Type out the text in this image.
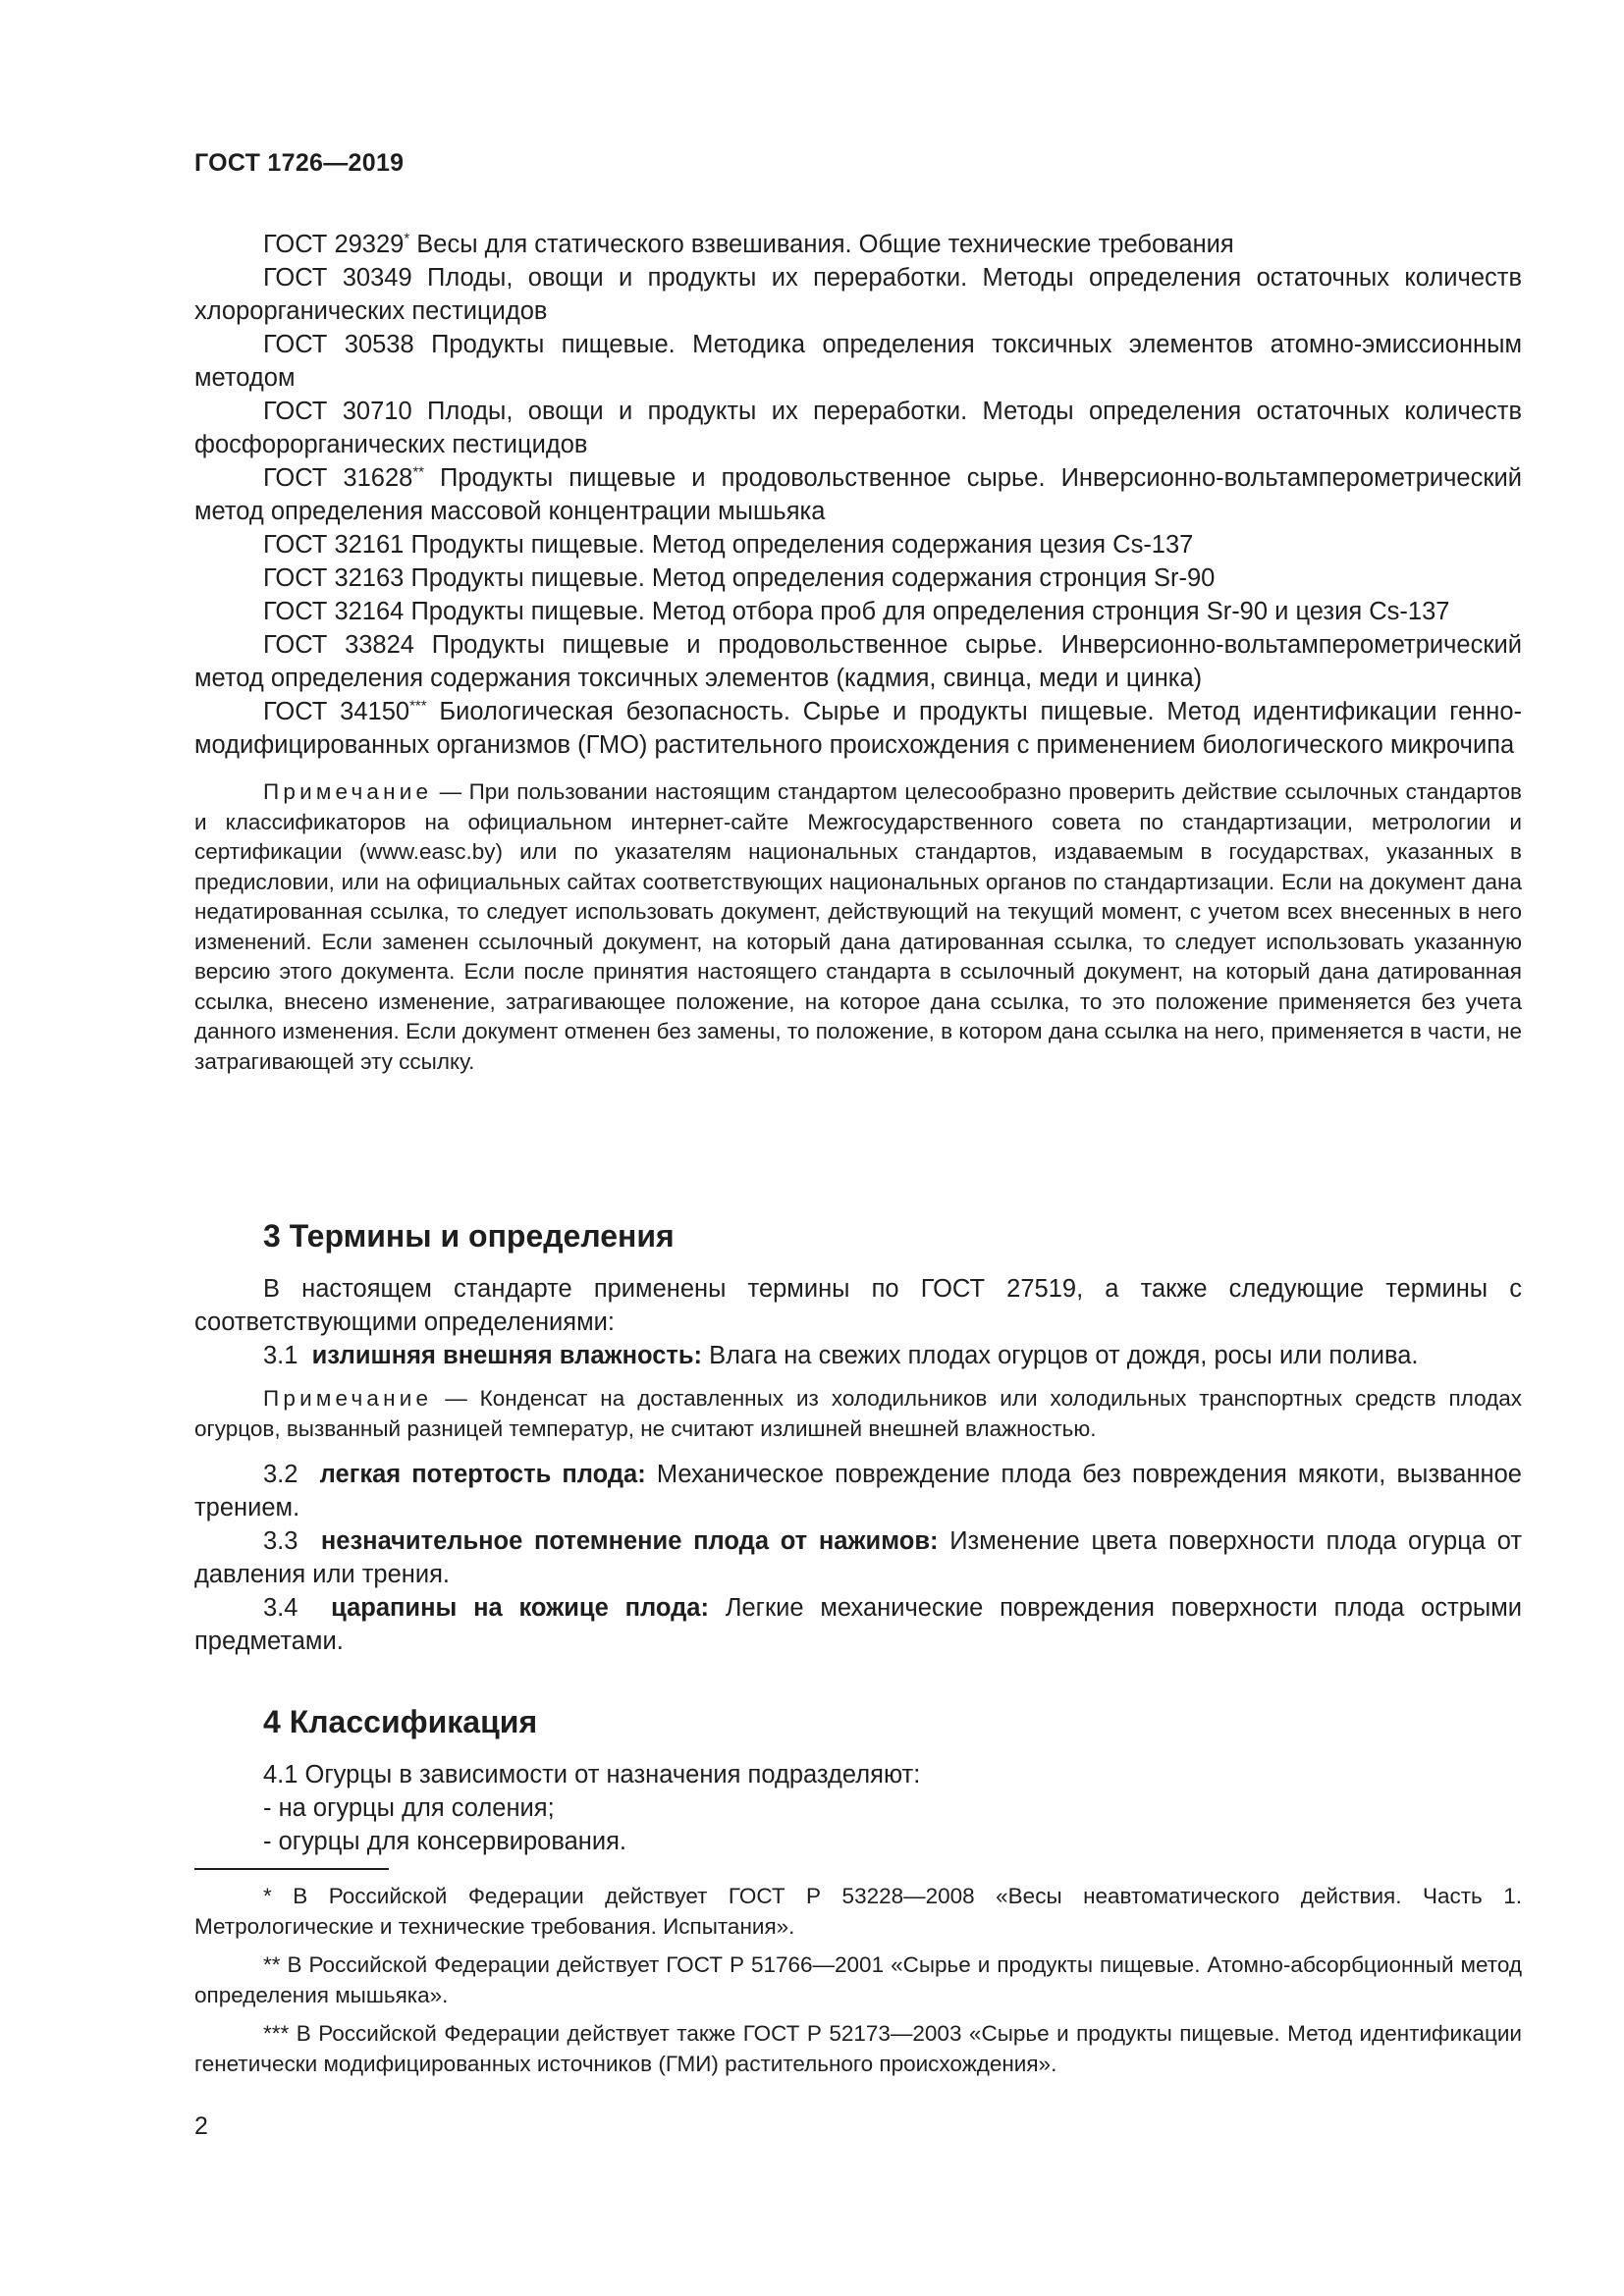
ГОСТ 1726—2019

ГОСТ 29329* Весы для статического взвешивания. Общие технические требования

ГОСТ 30349 Плоды, овощи и продукты их переработки. Методы определения остаточных количеств хлорорганических пестицидов

ГОСТ 30538 Продукты пищевые. Методика определения токсичных элементов атомно-эмиссионным методом

ГОСТ 30710 Плоды, овощи и продукты их переработки. Методы определения остаточных количеств фосфорорганических пестицидов

ГОСТ 31628** Продукты пищевые и продовольственное сырье. Инверсионно-вольтамперометрический метод определения массовой концентрации мышьяка

ГОСТ 32161 Продукты пищевые. Метод определения содержания цезия Cs-137

ГОСТ 32163 Продукты пищевые. Метод определения содержания стронция Sr-90

ГОСТ 32164 Продукты пищевые. Метод отбора проб для определения стронция Sr-90 и цезия Cs-137

ГОСТ 33824 Продукты пищевые и продовольственное сырье. Инверсионно-вольтамперометрический метод определения содержания токсичных элементов (кадмия, свинца, меди и цинка)

ГОСТ 34150*** Биологическая безопасность. Сырье и продукты пищевые. Метод идентификации генно-модифицированных организмов (ГМО) растительного происхождения с применением биологического микрочипа

Примечание — При пользовании настоящим стандартом целесообразно проверить действие ссылочных стандартов и классификаторов на официальном интернет-сайте Межгосударственного совета по стандартизации, метрологии и сертификации (www.easc.by) или по указателям национальных стандартов, издаваемым в государствах, указанных в предисловии, или на официальных сайтах соответствующих национальных органов по стандартизации. Если на документ дана недатированная ссылка, то следует использовать документ, действующий на текущий момент, с учетом всех внесенных в него изменений. Если заменен ссылочный документ, на который дана датированная ссылка, то следует использовать указанную версию этого документа. Если после принятия настоящего стандарта в ссылочный документ, на который дана датированная ссылка, внесено изменение, затрагивающее положение, на которое дана ссылка, то это положение применяется без учета данного изменения. Если документ отменен без замены, то положение, в котором дана ссылка на него, применяется в части, не затрагивающей эту ссылку.

3 Термины и определения

В настоящем стандарте применены термины по ГОСТ 27519, а также следующие термины с соответствующими определениями:

3.1 излишняя внешняя влажность: Влага на свежих плодах огурцов от дождя, росы или полива.

Примечание — Конденсат на доставленных из холодильников или холодильных транспортных средств плодах огурцов, вызванный разницей температур, не считают излишней внешней влажностью.

3.2 легкая потертость плода: Механическое повреждение плода без повреждения мякоти, вызванное трением.

3.3 незначительное потемнение плода от нажимов: Изменение цвета поверхности плода огурца от давления или трения.

3.4 царапины на кожице плода: Легкие механические повреждения поверхности плода острыми предметами.

4 Классификация

4.1 Огурцы в зависимости от назначения подразделяют:

- на огурцы для соления;

- огурцы для консервирования.

* В Российской Федерации действует ГОСТ Р 53228—2008 «Весы неавтоматического действия. Часть 1. Метрологические и технические требования. Испытания».

** В Российской Федерации действует ГОСТ Р 51766—2001 «Сырье и продукты пищевые. Атомно-абсорбционный метод определения мышьяка».

*** В Российской Федерации действует также ГОСТ Р 52173—2003 «Сырье и продукты пищевые. Метод идентификации генетически модифицированных источников (ГМИ) растительного происхождения».

2
